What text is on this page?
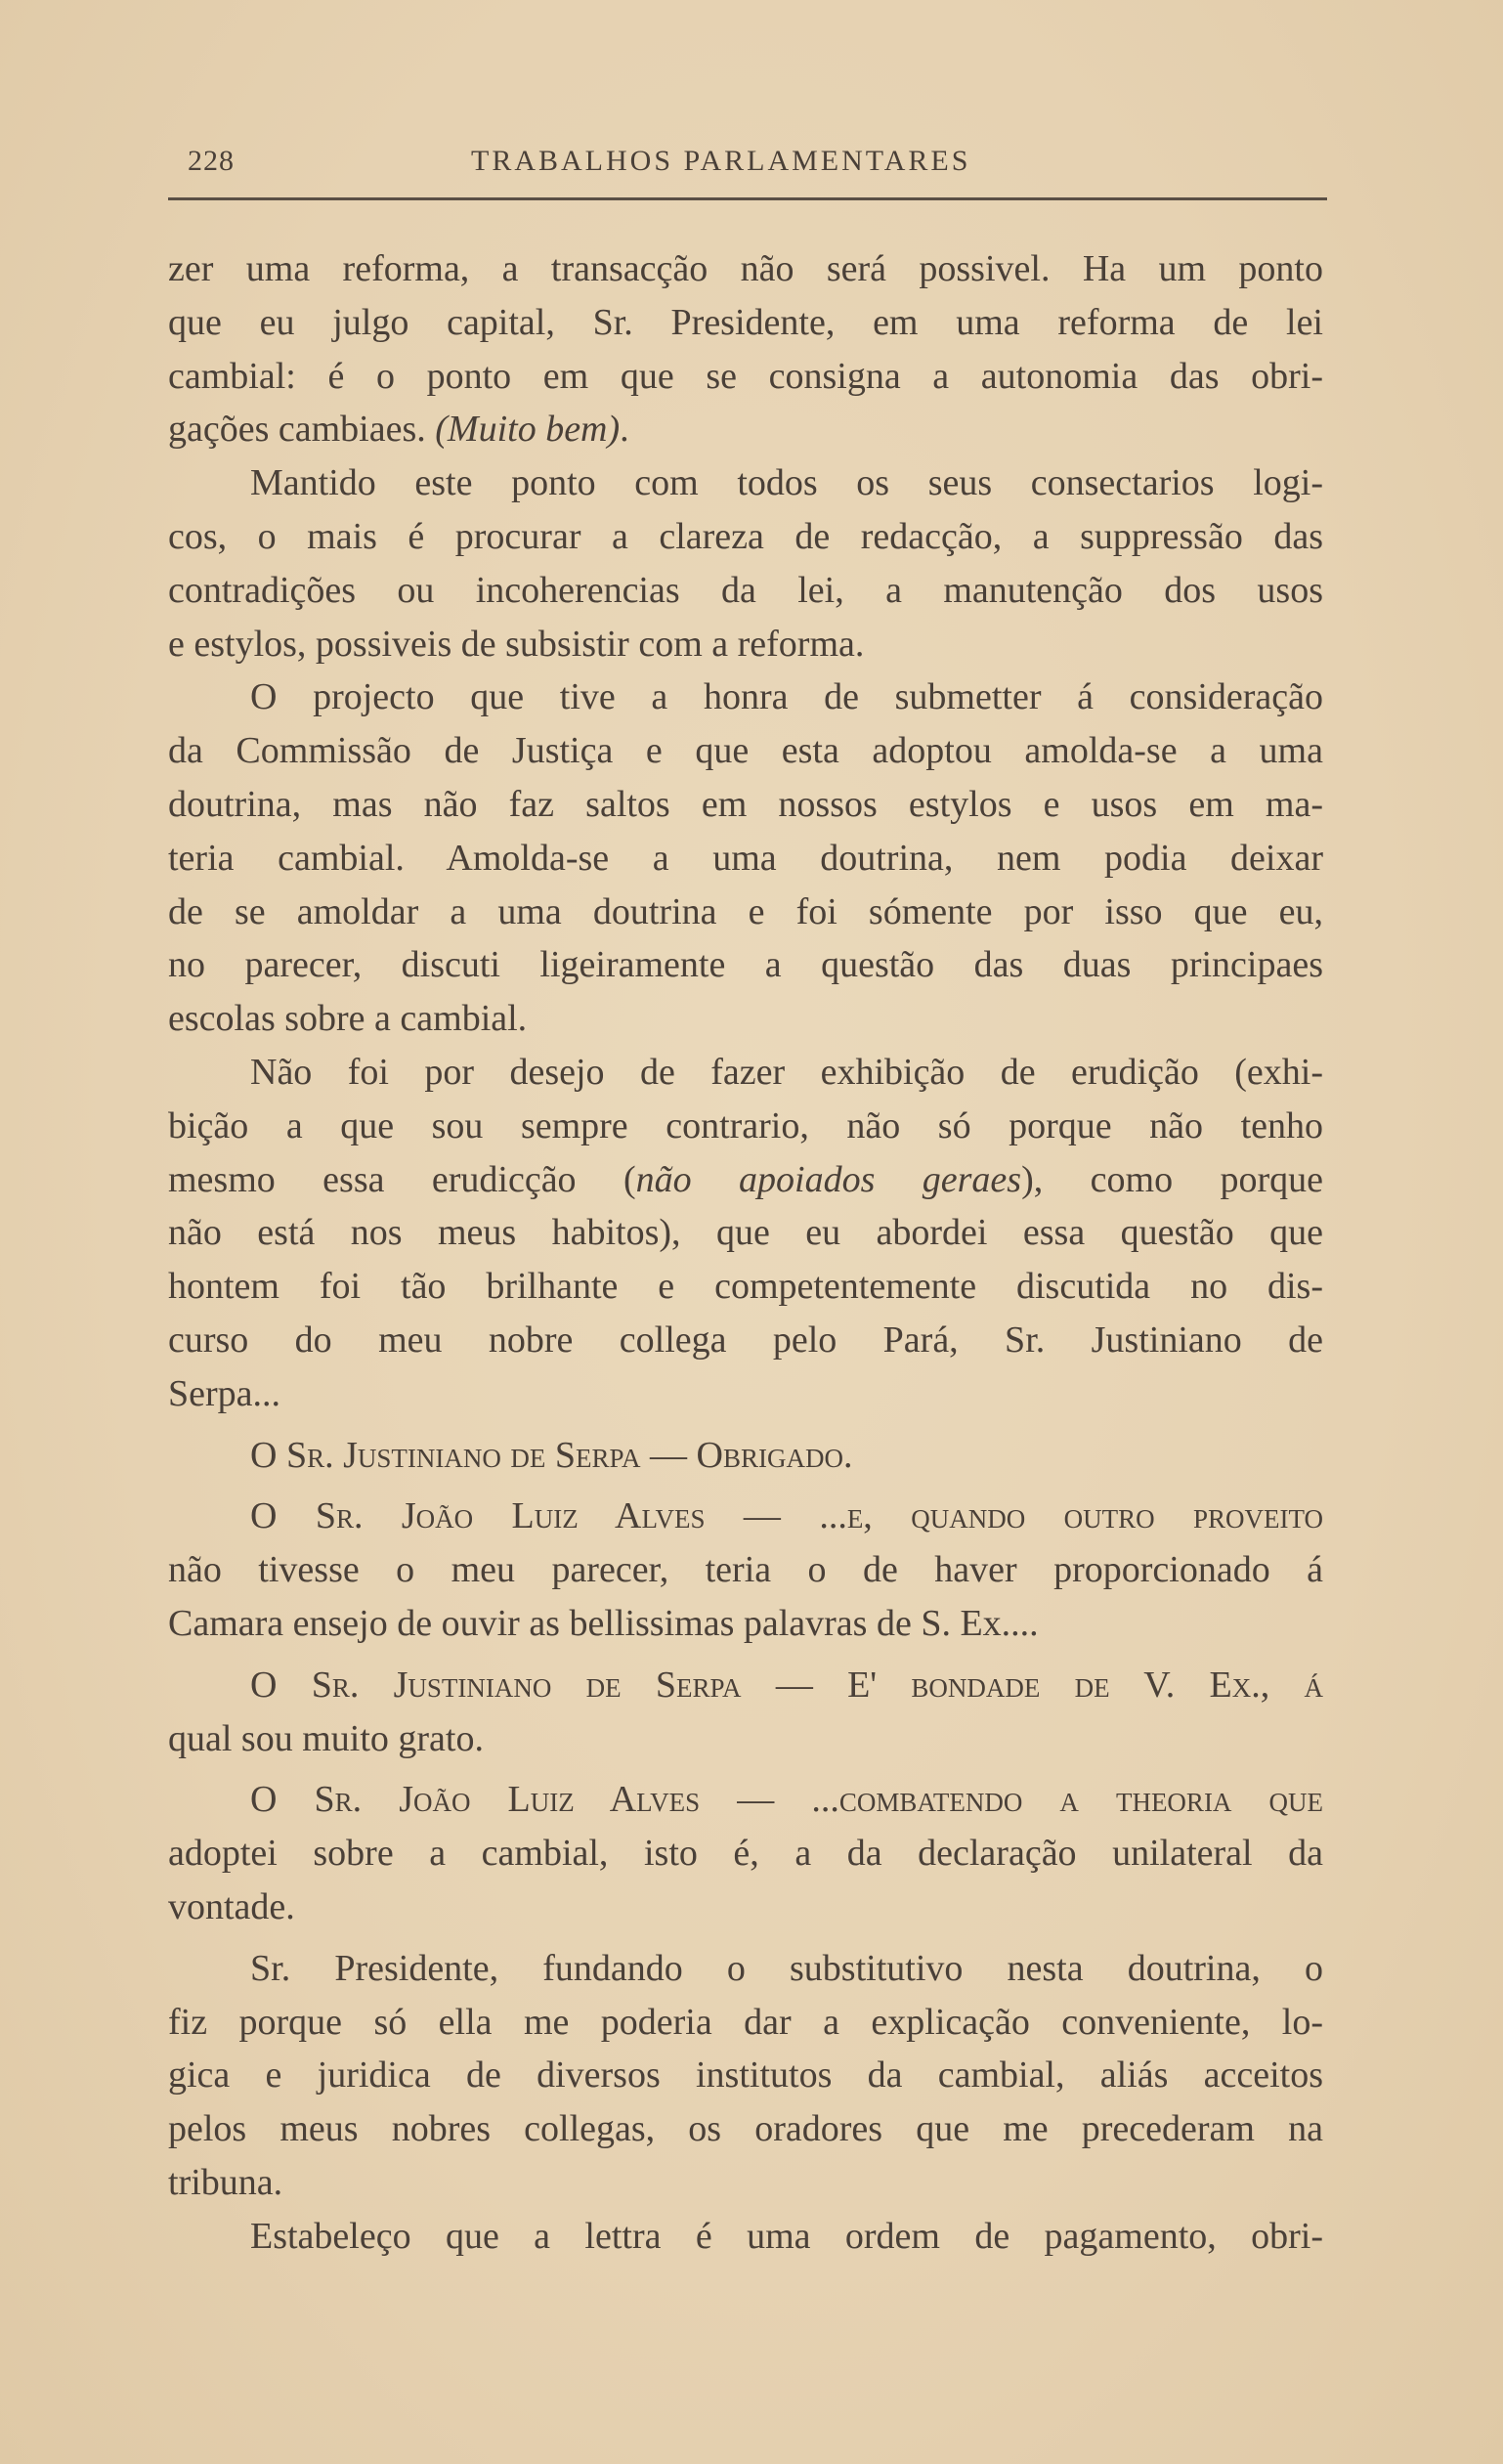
228	TRABALHOS PARLAMENTARES
zer uma reforma, a transacção não será possivel. Ha um ponto
que eu julgo capital, Sr. Presidente, em uma reforma de lei
cambial: é o ponto em que se consigna a autonomia das obri-
gações cambiaes. (Muito bem).
Mantido este ponto com todos os seus consectarios logi-
cos, o mais é procurar a clareza de redacção, a suppressão das
contradições ou incoherencias da lei, a manutenção dos usos
e estylos, possiveis de subsistir com a reforma.
O projecto que tive a honra de submetter á consideração
da Commissão de Justiça e que esta adoptou amolda-se a uma
doutrina, mas não faz saltos em nossos estylos e usos em ma-
teria cambial. Amolda-se a uma doutrina, nem podia deixar
de se amoldar a uma doutrina e foi sómente por isso que eu,
no parecer, discuti ligeiramente a questão das duas principaes
escolas sobre a cambial.
Não foi por desejo de fazer exhibição de erudição (exhi-
bição a que sou sempre contrario, não só porque não tenho
mesmo essa erudicção (não apoiados geraes), como porque
não está nos meus habitos), que eu abordei essa questão que
hontem foi tão brilhante e competentemente discutida no dis-
curso do meu nobre collega pelo Pará, Sr. Justiniano de
Serpa...
O Sr. Justiniano de Serpa — Obrigado.
O Sr. João Luiz Alves — ...e, quando outro proveito
não tivesse o meu parecer, teria o de haver proporcionado á
Camara ensejo de ouvir as bellissimas palavras de S. Ex....
O Sr. Justiniano de Serpa — E' bondade de V. Ex., á
qual sou muito grato.
O Sr. João Luiz Alves — ...combatendo a theoria que
adoptei sobre a cambial, isto é, a da declaração unilateral da
vontade.
Sr. Presidente, fundando o substitutivo nesta doutrina, o
fiz porque só ella me poderia dar a explicação conveniente, lo-
gica e juridica de diversos institutos da cambial, aliás acceitos
pelos meus nobres collegas, os oradores que me precederam na
tribuna.
Estabeleço que a lettra é uma ordem de pagamento, obri-
